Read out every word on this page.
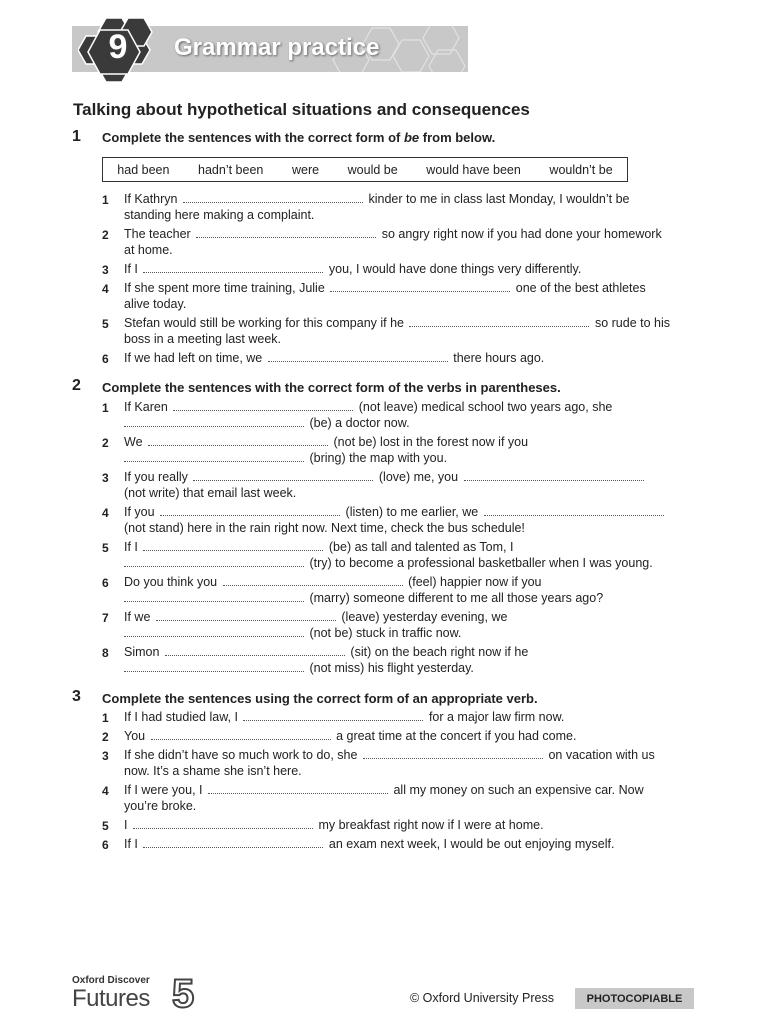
9	Grammar practice
Talking about hypothetical situations and consequences
1 Complete the sentences with the correct form of be from below.
had been hadn’t been were would be would have been wouldn’t be
1 If Kathryn	kinder to me in class last Monday, I wouldn’t be
standing here making a complaint.
2 The teacher	so angry right now if you had done your homework
at home.
3 If I	you, I would have done things very differently.
4 If she spent more time training, Julie	one of the best athletes
alive today.
5 Stefan would still be working for this company if he	so rude to his
boss in a meeting last week.
6 If we had left on time, we	there hours ago.
2 Complete the sentences with the correct form of the verbs in parentheses.
1 If Karen	(not leave) medical school two years ago, she
(be) a doctor now.
2 We	(not be) lost in the forest now if you
(bring) the map with you.
3 If you really	(love) me, you
(not write) that email last week.
4 If you	(listen) to me earlier, we
(not stand) here in the rain right now. Next time, check the bus schedule!
5 If I	(be) as tall and talented as Tom, I
(try) to become a professional basketballer when I was young.
6 Do you think you	(feel) happier now if you
(marry) someone different to me all those years ago?
7 If we	(leave) yesterday evening, we
(not be) stuck in traffic now.
8 Simon	(sit) on the beach right now if he
(not miss) his flight yesterday.
3 Complete the sentences using the correct form of an appropriate verb.
1 If I had studied law, I	for a major law firm now.
2 You	a great time at the concert if you had come.
3 If she didn’t have so much work to do, she	on vacation with us
now. It’s a shame she isn’t here.
4 If I were you, I	all my money on such an expensive car. Now
you’re broke.
5 I	my breakfast right now if I were at home.
6 If I	an exam next week, I would be out enjoying myself.
Oxford Discover
Futures 5	© Oxford University Press	PHOTOCOPIABLE
